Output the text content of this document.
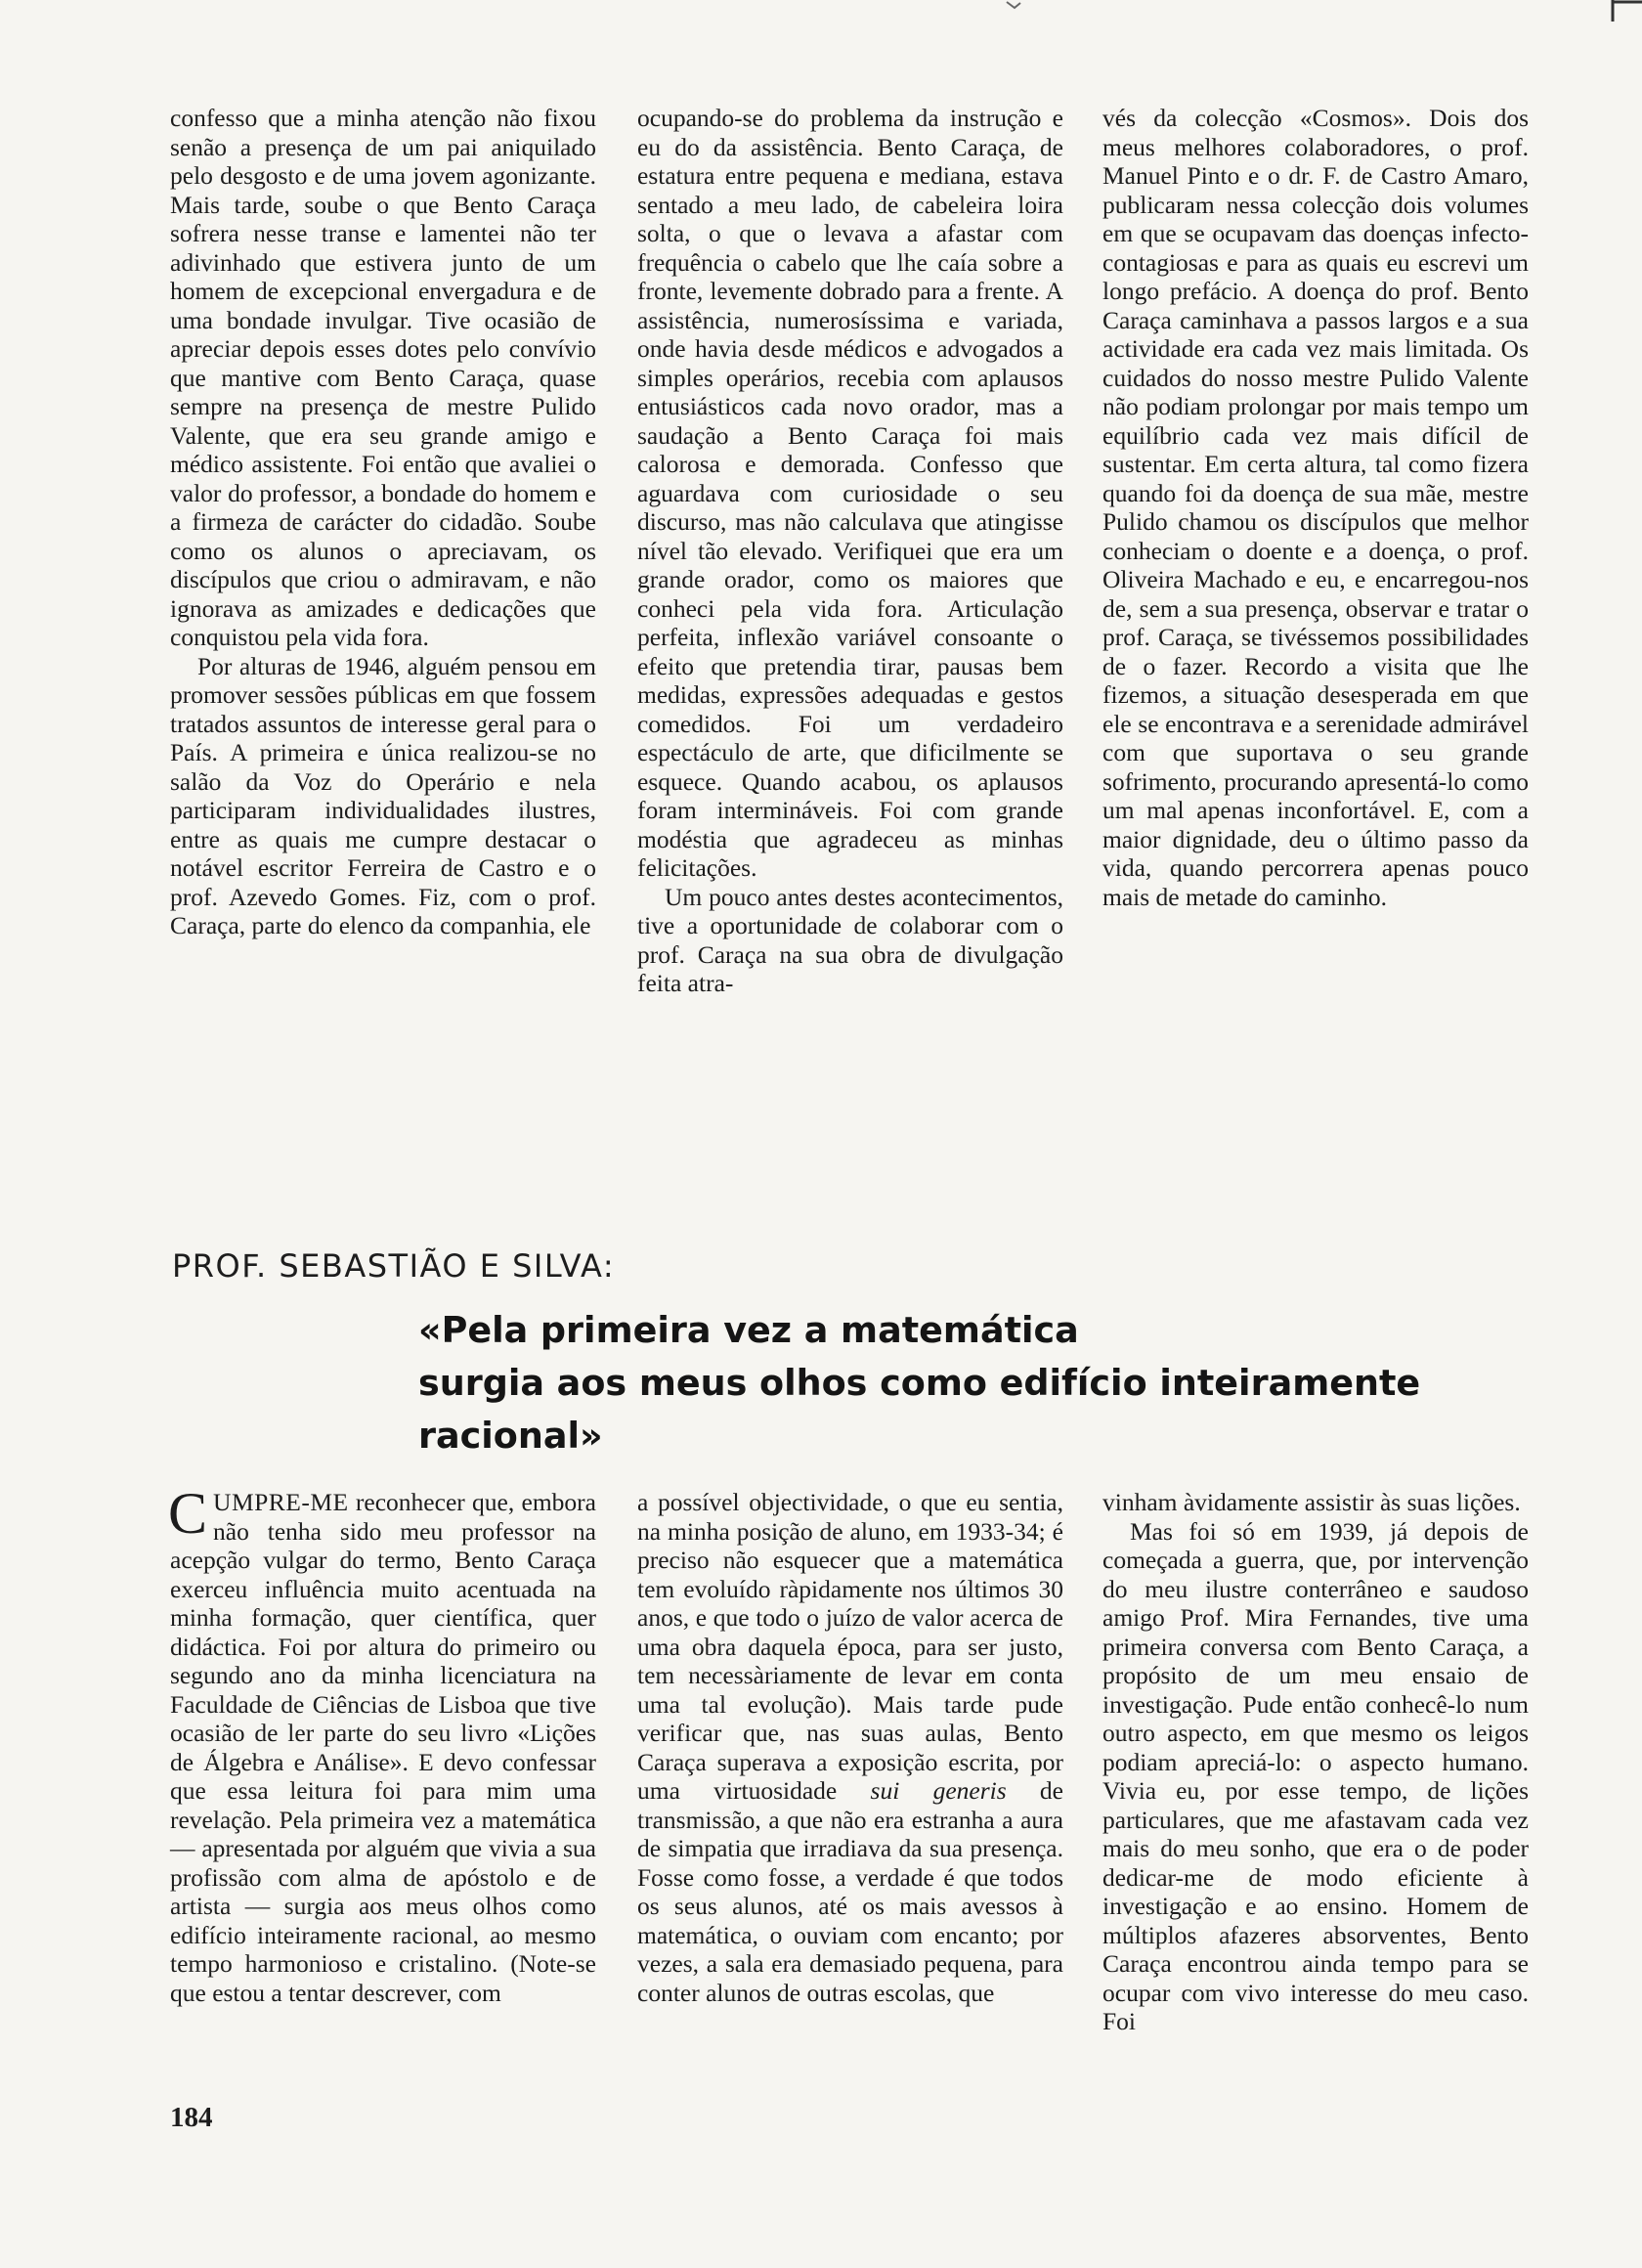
confesso que a minha atenção não fixou senão a presença de um pai aniquilado pelo desgosto e de uma jovem agonizante. Mais tarde, soube o que Bento Caraça sofrera nesse transe e lamentei não ter adivinhado que estivera junto de um homem de excepcional envergadura e de uma bondade invulgar. Tive ocasião de apreciar depois esses dotes pelo convívio que mantive com Bento Caraça, quase sempre na presença de mestre Pulido Valente, que era seu grande amigo e médico assistente. Foi então que avaliei o valor do professor, a bondade do homem e a firmeza de carácter do cidadão. Soube como os alunos o apreciavam, os discípulos que criou o admiravam, e não ignorava as amizades e dedicações que conquistou pela vida fora.

Por alturas de 1946, alguém pensou em promover sessões públicas em que fossem tratados assuntos de interesse geral para o País. A primeira e única realizou-se no salão da Voz do Operário e nela participaram individualidades ilustres, entre as quais me cumpre destacar o notável escritor Ferreira de Castro e o prof. Azevedo Gomes. Fiz, com o prof. Caraça, parte do elenco da companhia, ele

ocupando-se do problema da instrução e eu do da assistência. Bento Caraça, de estatura entre pequena e mediana, estava sentado a meu lado, de cabeleira loira solta, o que o levava a afastar com frequência o cabelo que lhe caía sobre a fronte, levemente dobrado para a frente. A assistência, numerosíssima e variada, onde havia desde médicos e advogados a simples operários, recebia com aplausos entusiásticos cada novo orador, mas a saudação a Bento Caraça foi mais calorosa e demorada. Confesso que aguardava com curiosidade o seu discurso, mas não calculava que atingisse nível tão elevado. Verifiquei que era um grande orador, como os maiores que conheci pela vida fora. Articulação perfeita, inflexão variável consoante o efeito que pretendia tirar, pausas bem medidas, expressões adequadas e gestos comedidos. Foi um verdadeiro espectáculo de arte, que dificilmente se esquece. Quando acabou, os aplausos foram intermináveis. Foi com grande modéstia que agradeceu as minhas felicitações.

Um pouco antes destes acontecimentos, tive a oportunidade de colaborar com o prof. Caraça na sua obra de divulgação feita atra-

vés da colecção «Cosmos». Dois dos meus melhores colaboradores, o prof. Manuel Pinto e o dr. F. de Castro Amaro, publicaram nessa colecção dois volumes em que se ocupavam das doenças infecto-contagiosas e para as quais eu escrevi um longo prefácio. A doença do prof. Bento Caraça caminhava a passos largos e a sua actividade era cada vez mais limitada. Os cuidados do nosso mestre Pulido Valente não podiam prolongar por mais tempo um equilíbrio cada vez mais difícil de sustentar. Em certa altura, tal como fizera quando foi da doença de sua mãe, mestre Pulido chamou os discípulos que melhor conheciam o doente e a doença, o prof. Oliveira Machado e eu, e encarregou-nos de, sem a sua presença, observar e tratar o prof. Caraça, se tivéssemos possibilidades de o fazer. Recordo a visita que lhe fizemos, a situação desesperada em que ele se encontrava e a serenidade admirável com que suportava o seu grande sofrimento, procurando apresentá-lo como um mal apenas inconfortável. E, com a maior dignidade, deu o último passo da vida, quando percorrera apenas pouco mais de metade do caminho.

PROF. SEBASTIÃO E SILVA:
«Pela primeira vez a matemática
surgia aos meus olhos como edifício inteiramente racional»

CUMPRE-ME reconhecer que, embora não tenha sido meu professor na acepção vulgar do termo, Bento Caraça exerceu influência muito acentuada na minha formação, quer científica, quer didáctica. Foi por altura do primeiro ou segundo ano da minha licenciatura na Faculdade de Ciências de Lisboa que tive ocasião de ler parte do seu livro «Lições de Álgebra e Análise». E devo confessar que essa leitura foi para mim uma revelação. Pela primeira vez a matemática — apresentada por alguém que vivia a sua profissão com alma de apóstolo e de artista — surgia aos meus olhos como edifício inteiramente racional, ao mesmo tempo harmonioso e cristalino. (Note-se que estou a tentar descrever, com

a possível objectividade, o que eu sentia, na minha posição de aluno, em 1933-34; é preciso não esquecer que a matemática tem evoluído ràpidamente nos últimos 30 anos, e que todo o juízo de valor acerca de uma obra daquela época, para ser justo, tem necessàriamente de levar em conta uma tal evolução). Mais tarde pude verificar que, nas suas aulas, Bento Caraça superava a exposição escrita, por uma virtuosidade sui generis de transmissão, a que não era estranha a aura de simpatia que irradiava da sua presença. Fosse como fosse, a verdade é que todos os seus alunos, até os mais avessos à matemática, o ouviam com encanto; por vezes, a sala era demasiado pequena, para conter alunos de outras escolas, que

vinham àvidamente assistir às suas lições.

Mas foi só em 1939, já depois de começada a guerra, que, por intervenção do meu ilustre conterrâneo e saudoso amigo Prof. Mira Fernandes, tive uma primeira conversa com Bento Caraça, a propósito de um meu ensaio de investigação. Pude então conhecê-lo num outro aspecto, em que mesmo os leigos podiam apreciá-lo: o aspecto humano. Vivia eu, por esse tempo, de lições particulares, que me afastavam cada vez mais do meu sonho, que era o de poder dedicar-me de modo eficiente à investigação e ao ensino. Homem de múltiplos afazeres absorventes, Bento Caraça encontrou ainda tempo para se ocupar com vivo interesse do meu caso. Foi

184
